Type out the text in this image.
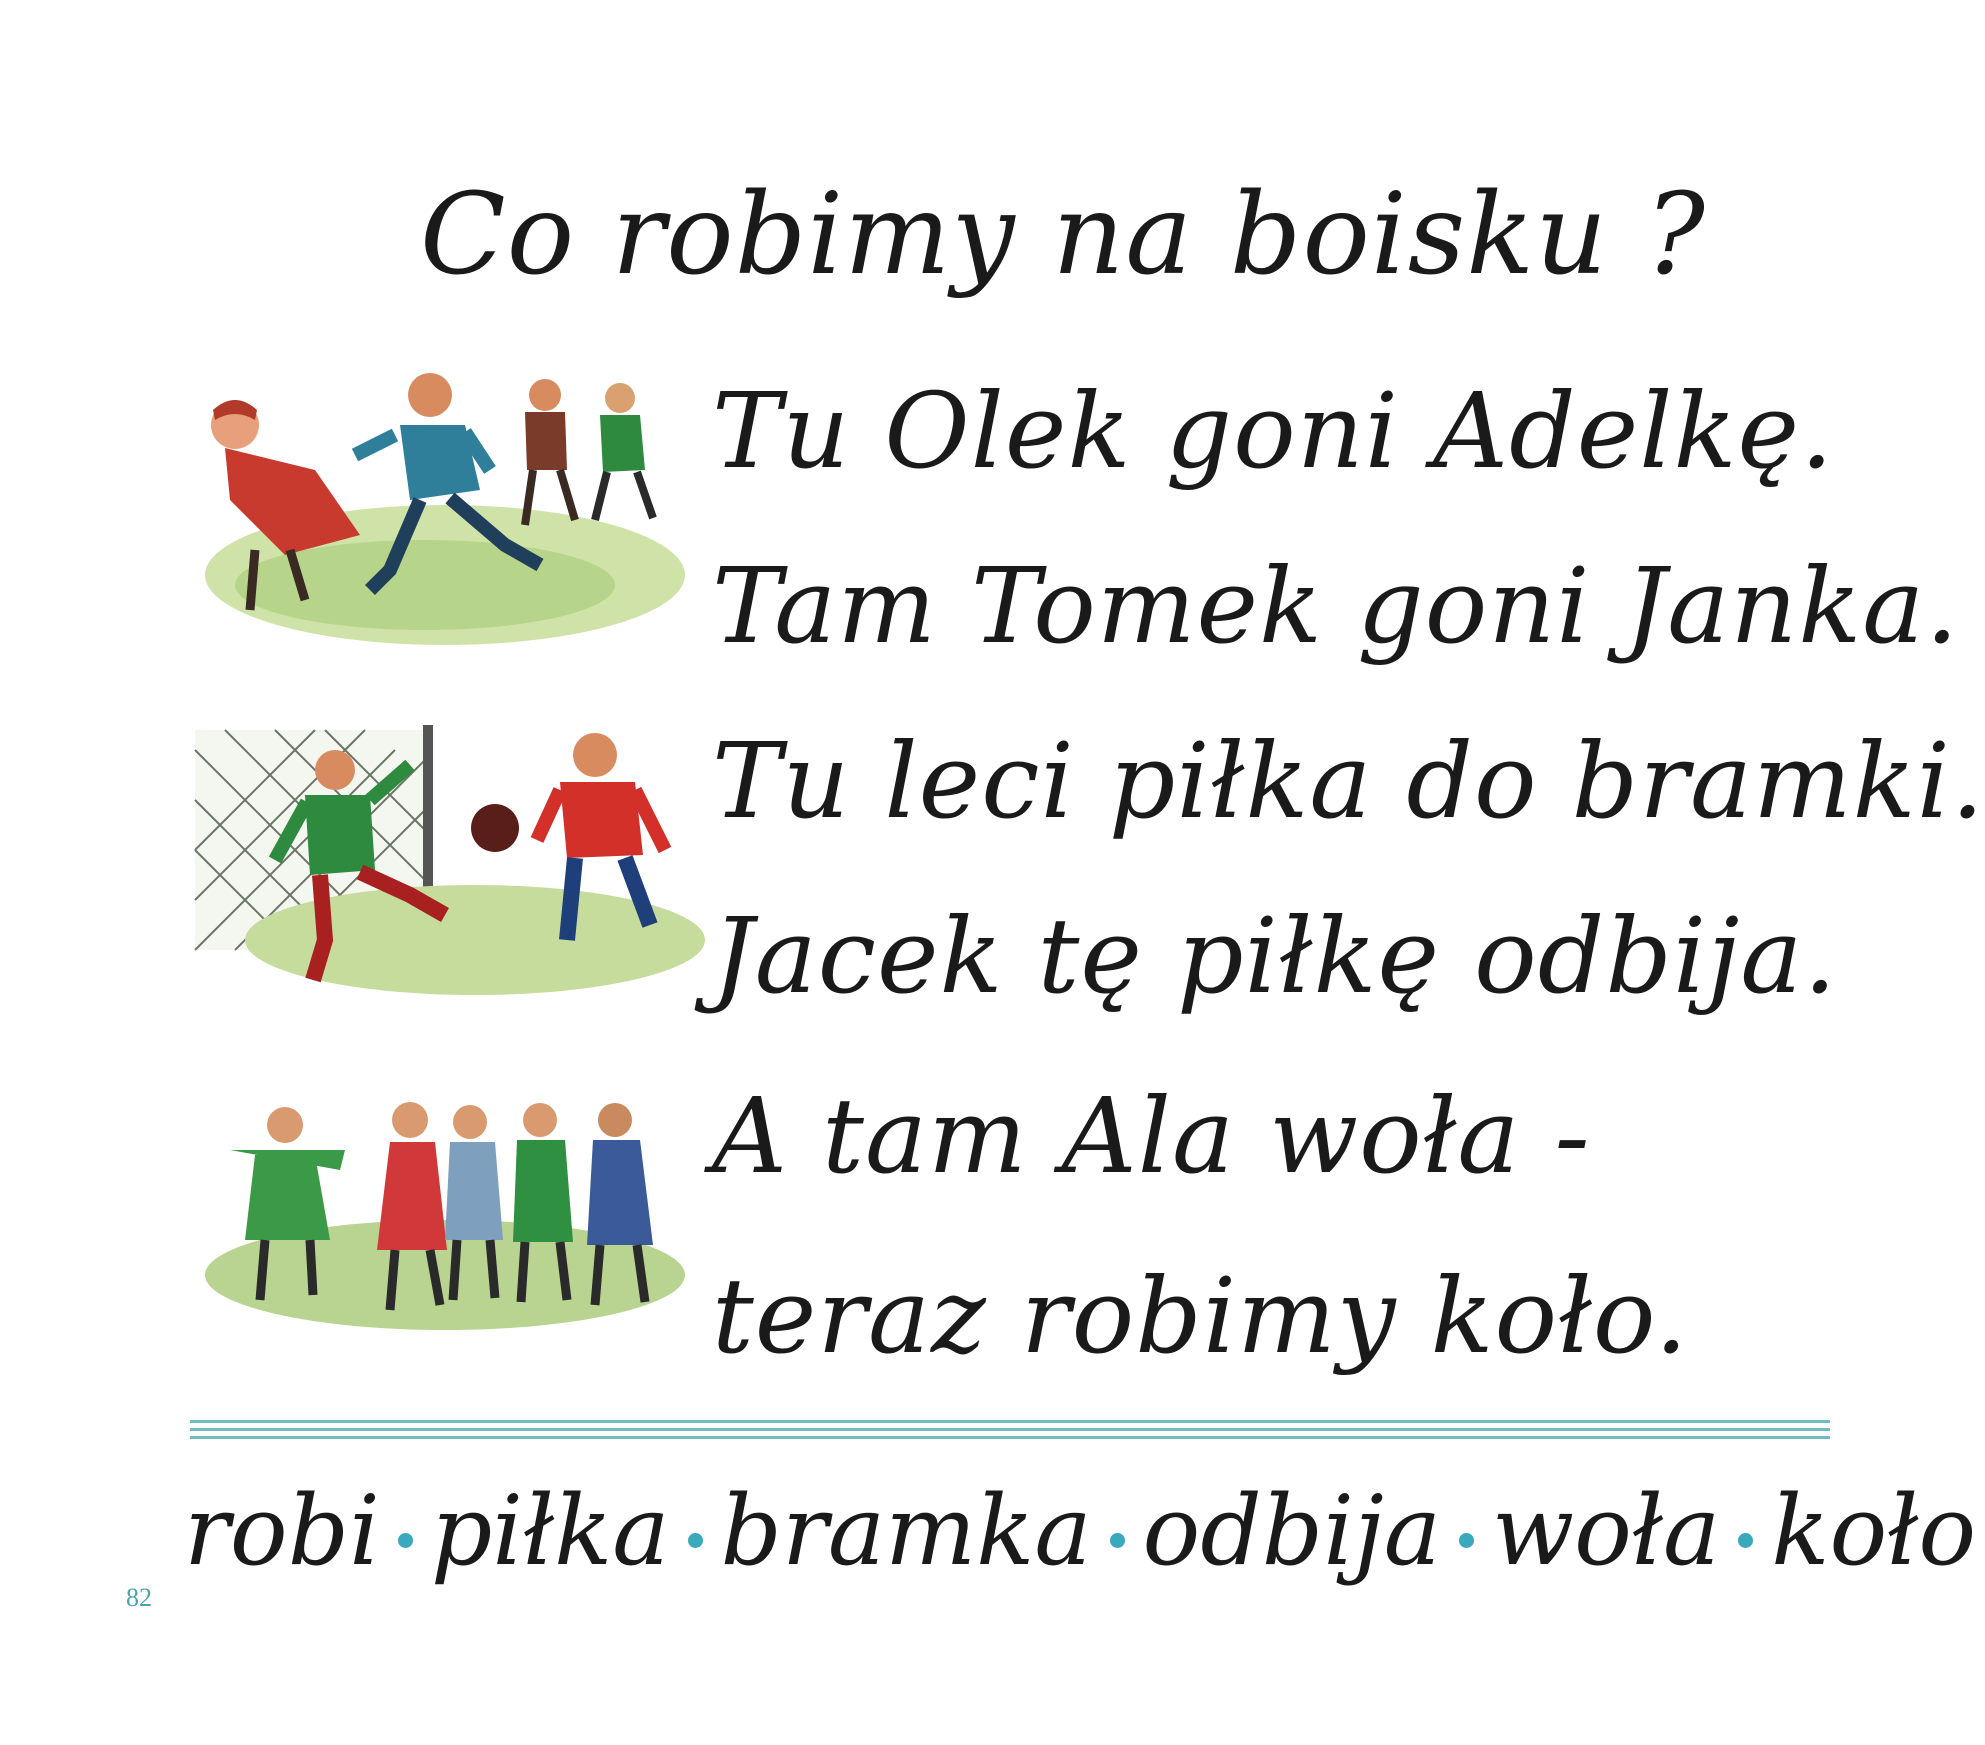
Co robimy na boisku ?
Tu Olek goni Adelkę.
Tam Tomek goni Janka.
Tu leci piłka do bramki.
Jacek tę piłkę odbija.
A tam Ala woła -
teraz robimy koło.
robi piłka bramka odbija woła koło
82
